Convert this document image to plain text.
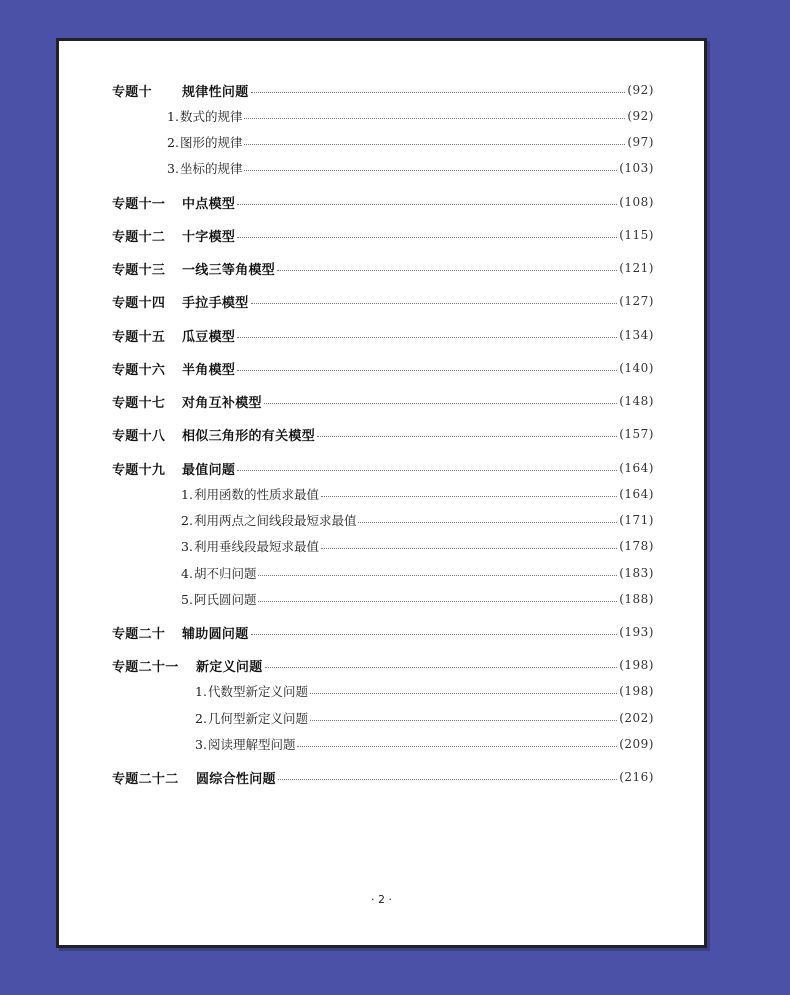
专题十 规律性问题	(92)
1.数式的规律	(92)
2.图形的规律	(97)
3.坐标的规律	(103)
专题十一 中点模型	(108)
专题十二 十字模型	(115)
专题十三 一线三等角模型	(121)
专题十四 手拉手模型	(127)
专题十五 瓜豆模型	(134)
专题十六 半角模型	(140)
专题十七 对角互补模型	(148)
专题十八 相似三角形的有关模型	(157)
专题十九 最值问题	(164)
1.利用函数的性质求最值	(164)
2.利用两点之间线段最短求最值	(171)
3.利用垂线段最短求最值	(178)
4.胡不归问题	(183)
5.阿氏圆问题	(188)
专题二十 辅助圆问题	(193)
专题二十一 新定义问题	(198)
1.代数型新定义问题	(198)
2.几何型新定义问题	(202)
3.阅读理解型问题	(209)
专题二十二 圆综合性问题	(216)
· 2 ·
